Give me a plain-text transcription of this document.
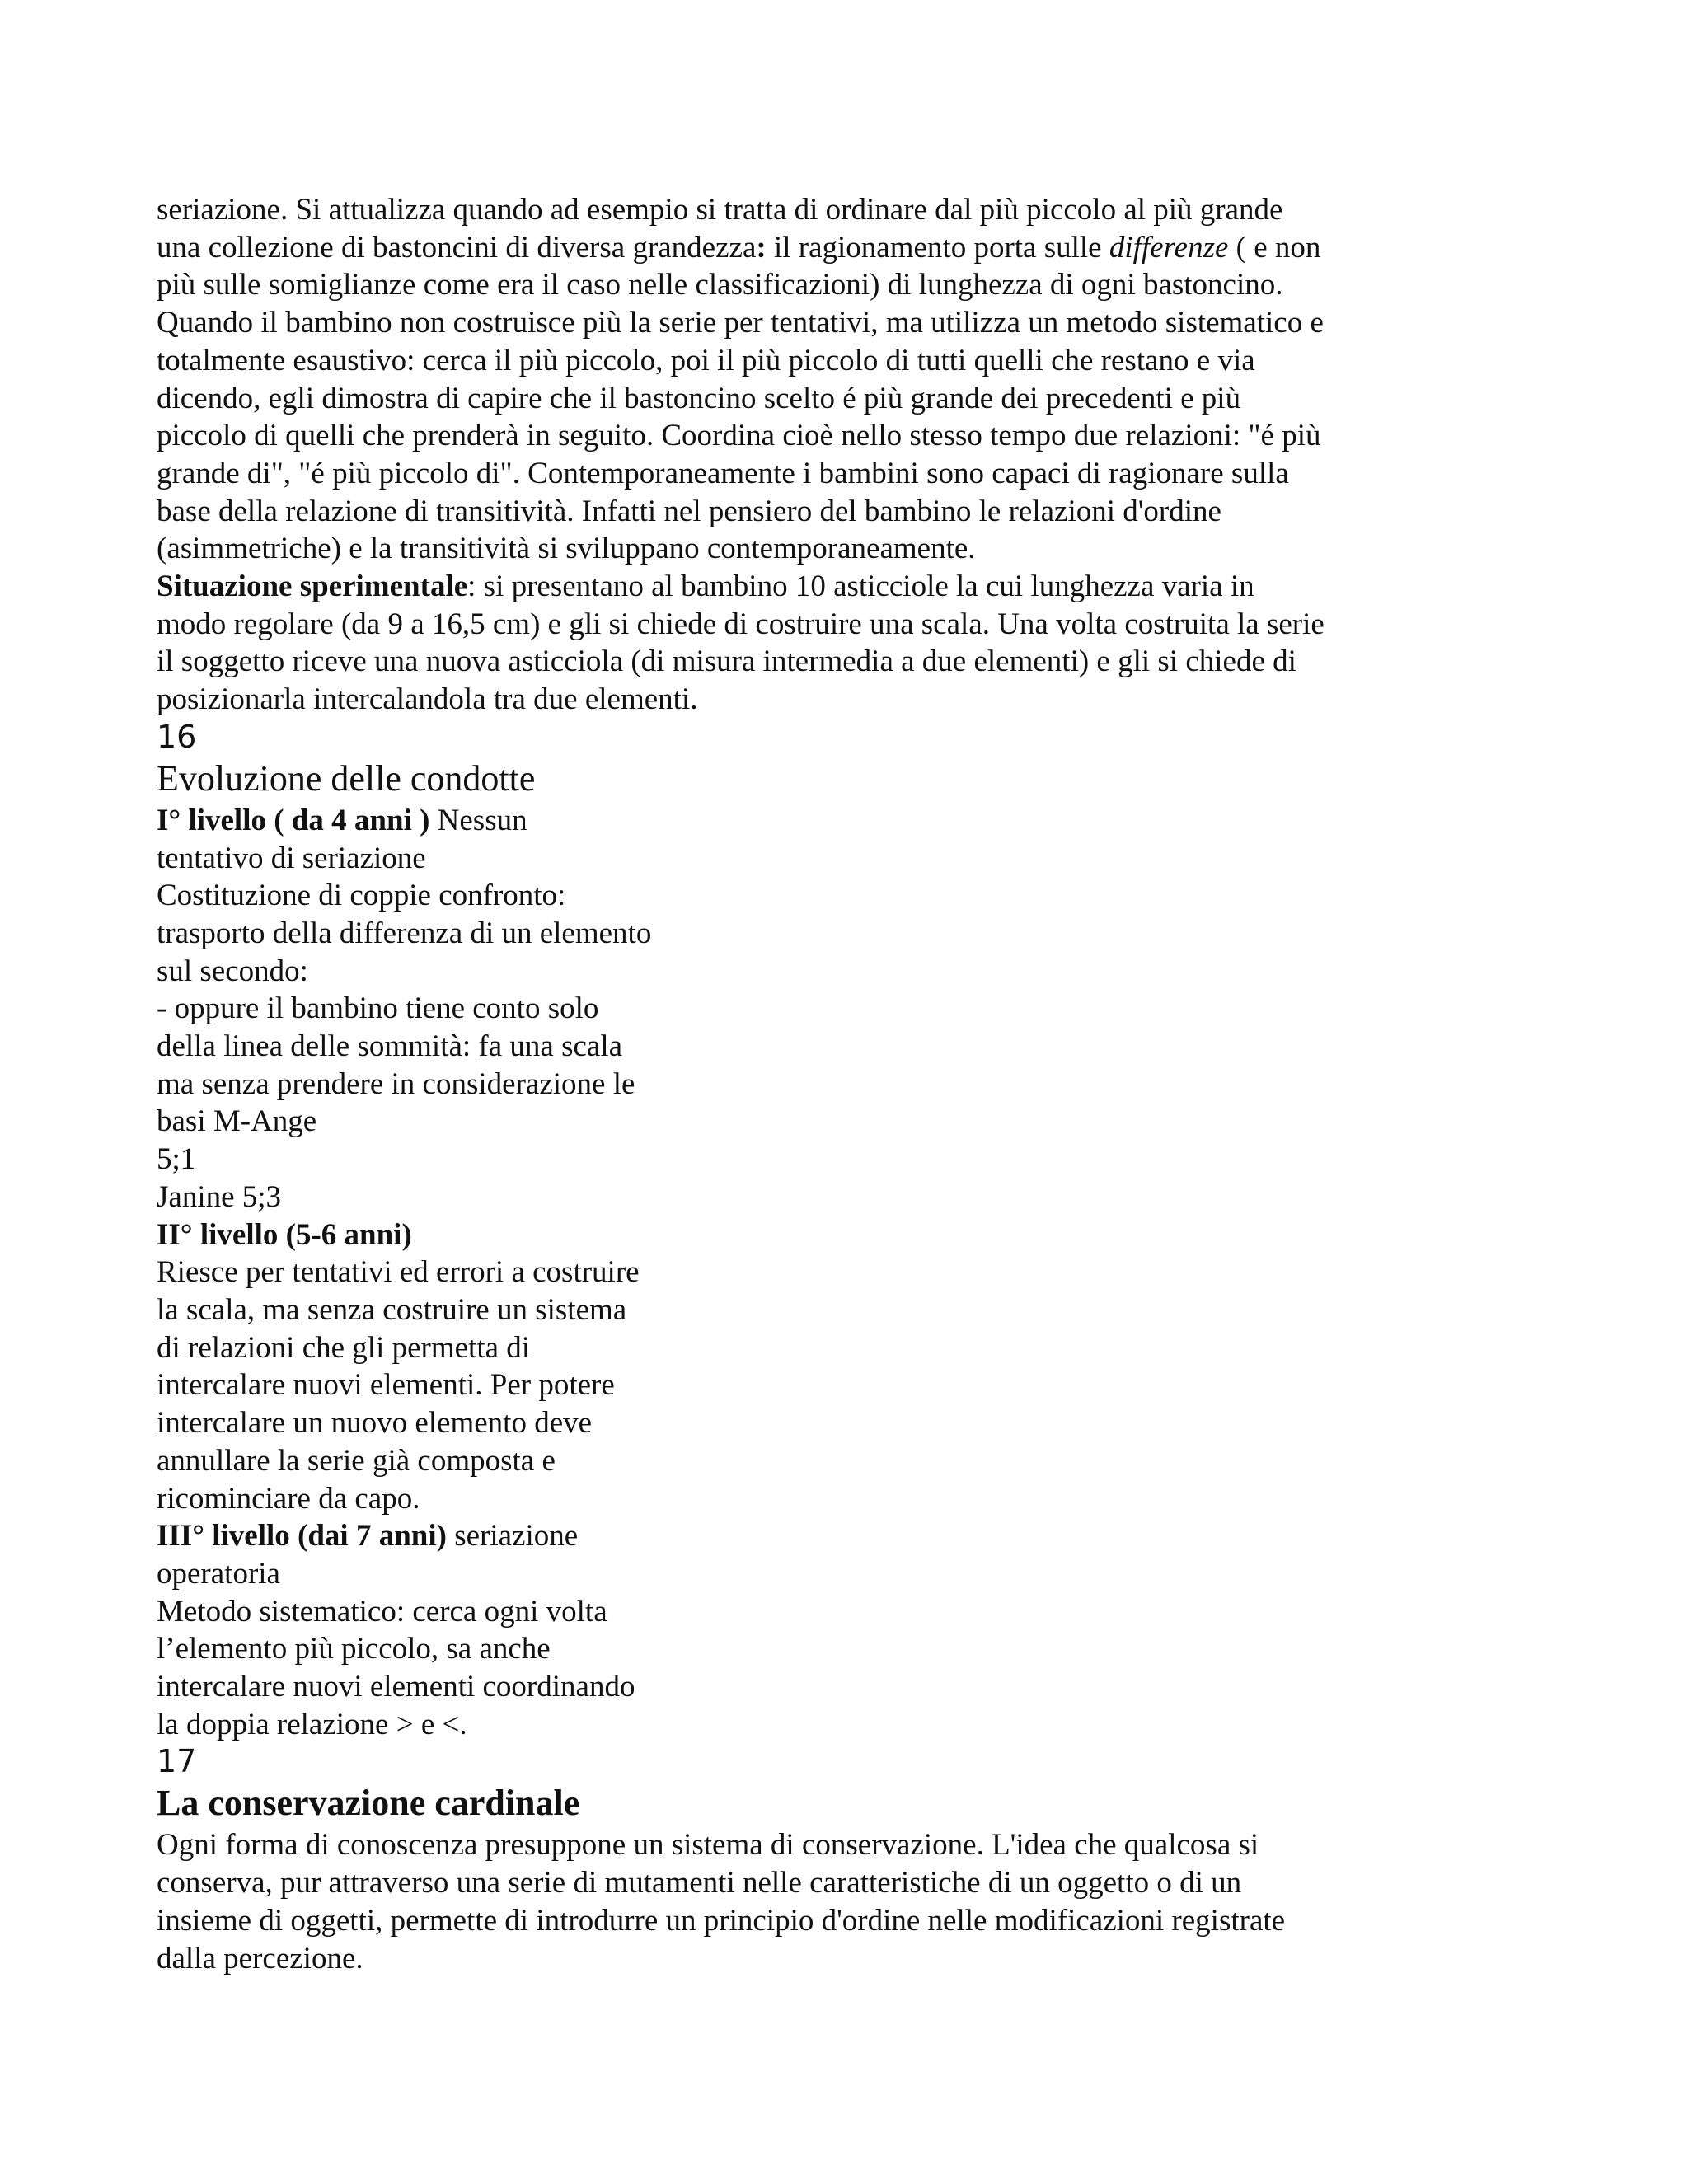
seriazione. Si attualizza quando ad esempio si tratta di ordinare dal più piccolo al più grande
una collezione di bastoncini di diversa grandezza: il ragionamento porta sulle differenze ( e non
più sulle somiglianze come era il caso nelle classificazioni) di lunghezza di ogni bastoncino.
Quando il bambino non costruisce più la serie per tentativi, ma utilizza un metodo sistematico e
totalmente esaustivo: cerca il più piccolo, poi il più piccolo di tutti quelli che restano e via
dicendo, egli dimostra di capire che il bastoncino scelto é più grande dei precedenti e più
piccolo di quelli che prenderà in seguito. Coordina cioè nello stesso tempo due relazioni: "é più
grande di", "é più piccolo di". Contemporaneamente i bambini sono capaci di ragionare sulla
base della relazione di transitività. Infatti nel pensiero del bambino le relazioni d'ordine
(asimmetriche) e la transitività si sviluppano contemporaneamente.
Situazione sperimentale: si presentano al bambino 10 asticciole la cui lunghezza varia in
modo regolare (da 9 a 16,5 cm) e gli si chiede di costruire una scala. Una volta costruita la serie
il soggetto riceve una nuova asticciola (di misura intermedia a due elementi) e gli si chiede di
posizionarla intercalandola tra due elementi.
16
Evoluzione delle condotte
I° livello ( da 4 anni ) Nessun
tentativo di seriazione
Costituzione di coppie confronto:
trasporto della differenza di un elemento
sul secondo:
- oppure il bambino tiene conto solo
della linea delle sommità: fa una scala
ma senza prendere in considerazione le
basi M-Ange
5;1
Janine 5;3
II° livello (5-6 anni)
Riesce per tentativi ed errori a costruire
la scala, ma senza costruire un sistema
di relazioni che gli permetta di
intercalare nuovi elementi. Per potere
intercalare un nuovo elemento deve
annullare la serie già composta e
ricominciare da capo.
III° livello (dai 7 anni) seriazione
operatoria
Metodo sistematico: cerca ogni volta
l’elemento più piccolo, sa anche
intercalare nuovi elementi coordinando
la doppia relazione > e <.
17
La conservazione cardinale
Ogni forma di conoscenza presuppone un sistema di conservazione. L'idea che qualcosa si
conserva, pur attraverso una serie di mutamenti nelle caratteristiche di un oggetto o di un
insieme di oggetti, permette di introdurre un principio d'ordine nelle modificazioni registrate
dalla percezione.
